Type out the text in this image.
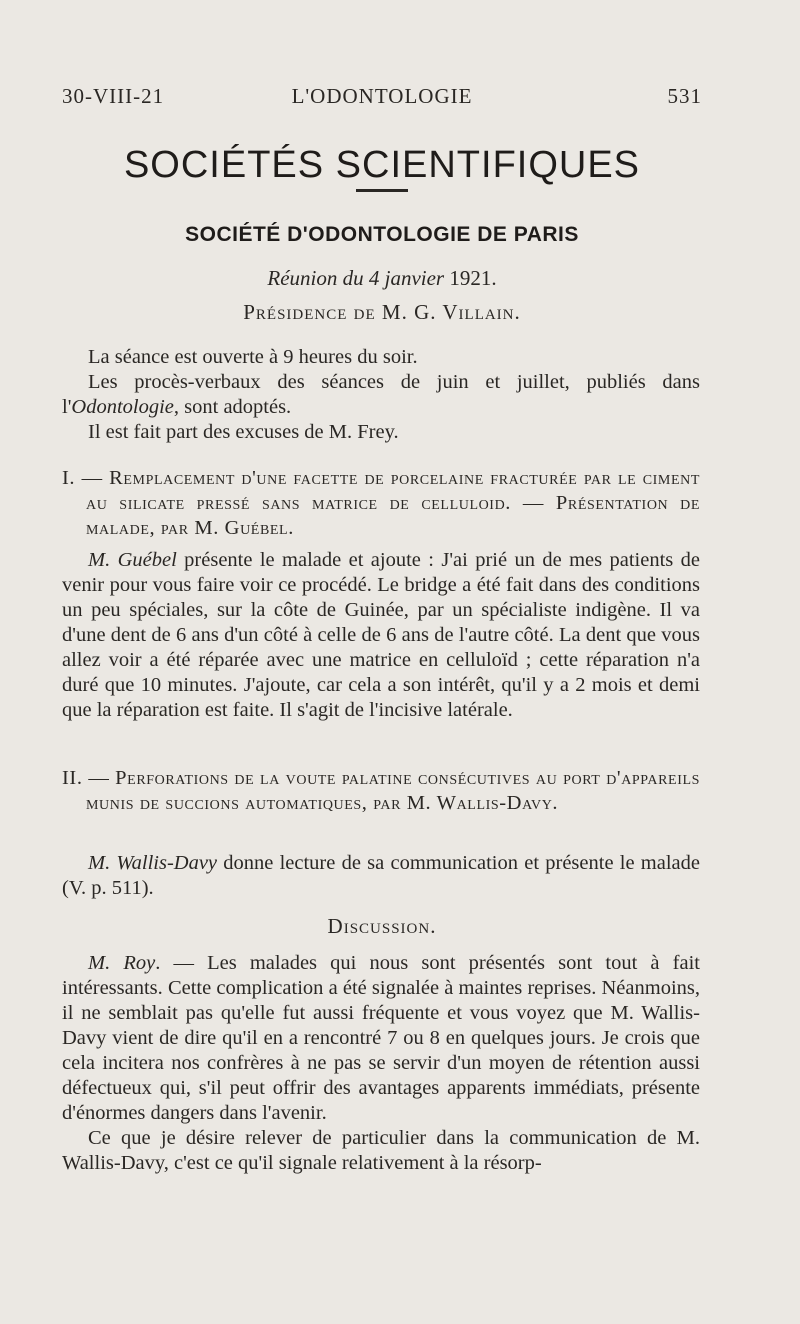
30-VIII-21	L'ODONTOLOGIE	531
SOCIÉTÉS SCIENTIFIQUES
SOCIÉTÉ D'ODONTOLOGIE DE PARIS
Réunion du 4 janvier 1921.
Présidence de M. G. Villain.

La séance est ouverte à 9 heures du soir.

Les procès-verbaux des séances de juin et juillet, publiés dans l'Odontologie, sont adoptés.

Il est fait part des excuses de M. Frey.

I. — Remplacement d'une facette de porcelaine fracturée par le ciment au silicate pressé sans matrice de celluloid. — Présentation de malade, par M. Guébel.

M. Guébel présente le malade et ajoute : J'ai prié un de mes patients de venir pour vous faire voir ce procédé. Le bridge a été fait dans des conditions un peu spéciales, sur la côte de Guinée, par un spécialiste indigène. Il va d'une dent de 6 ans d'un côté à celle de 6 ans de l'autre côté. La dent que vous allez voir a été réparée avec une matrice en celluloïd ; cette réparation n'a duré que 10 minutes. J'ajoute, car cela a son intérêt, qu'il y a 2 mois et demi que la réparation est faite. Il s'agit de l'incisive latérale.

II. — Perforations de la voute palatine consécutives au port d'appareils munis de succions automatiques, par M. Wallis-Davy.

M. Wallis-Davy donne lecture de sa communication et présente le malade (V. p. 511).

Discussion.

M. Roy. — Les malades qui nous sont présentés sont tout à fait intéressants. Cette complication a été signalée à maintes reprises. Néanmoins, il ne semblait pas qu'elle fut aussi fréquente et vous voyez que M. Wallis-Davy vient de dire qu'il en a rencontré 7 ou 8 en quelques jours. Je crois que cela incitera nos confrères à ne pas se servir d'un moyen de rétention aussi défectueux qui, s'il peut offrir des avantages apparents immédiats, présente d'énormes dangers dans l'avenir.

Ce que je désire relever de particulier dans la communication de M. Wallis-Davy, c'est ce qu'il signale relativement à la résorp-
